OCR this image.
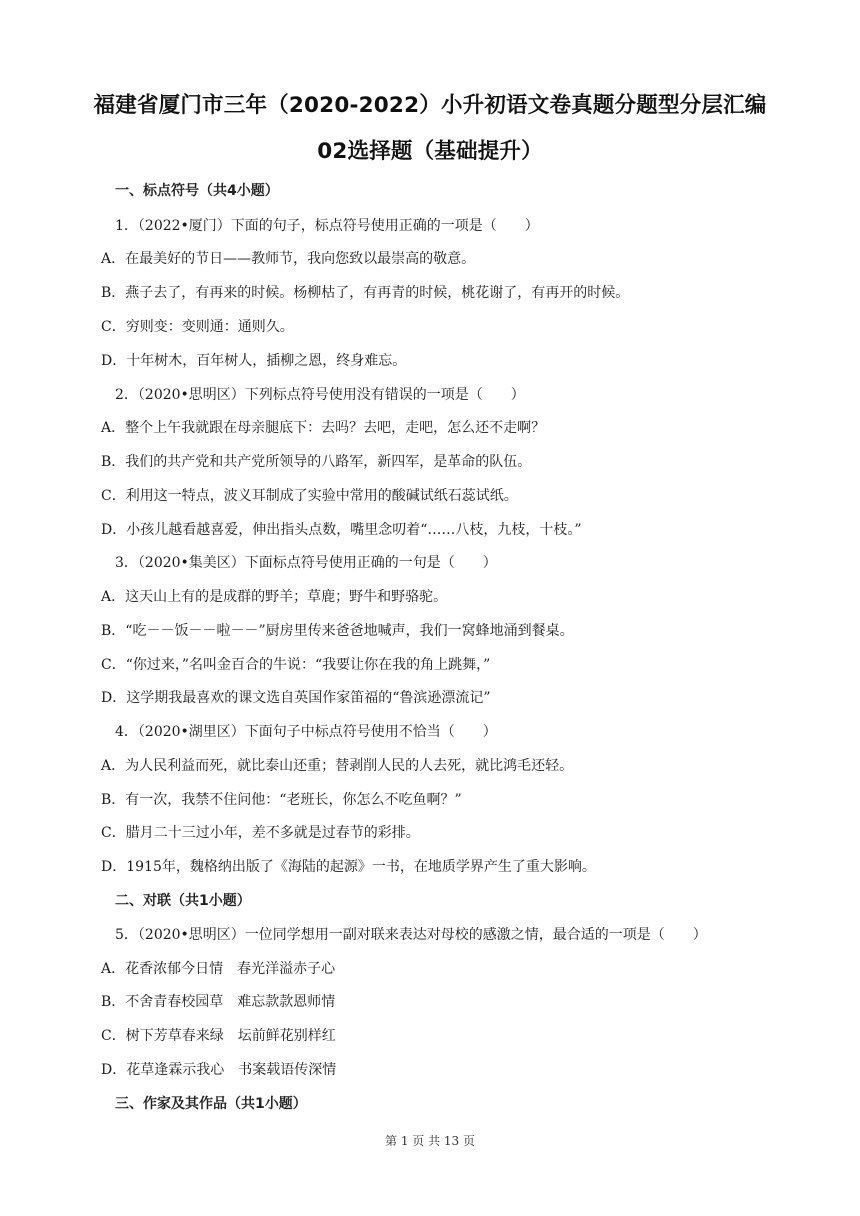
福建省厦门市三年（2020-2022）小升初语文卷真题分题型分层汇编
02选择题（基础提升）
一、标点符号（共4小题）
1．（2022•厦门）下面的句子，标点符号使用正确的一项是（　　）
A．在最美好的节日——教师节，我向您致以最崇高的敬意。
B．燕子去了，有再来的时候。杨柳枯了，有再青的时候，桃花谢了，有再开的时候。
C．穷则变：变则通：通则久。
D．十年树木，百年树人，插柳之恩，终身难忘。
2．（2020•思明区）下列标点符号使用没有错误的一项是（　　）
A．整个上午我就跟在母亲腿底下：去吗？去吧，走吧，怎么还不走啊？
B．我们的共产党和共产党所领导的八路军，新四军，是革命的队伍。
C．利用这一特点，波义耳制成了实验中常用的酸碱试纸石蕊试纸。
D．小孩儿越看越喜爱，伸出指头点数，嘴里念叨着“……八枝，九枝，十枝。”
3．（2020•集美区）下面标点符号使用正确的一句是（　　）
A．这天山上有的是成群的野羊；草鹿；野牛和野骆驼。
B．“吃－－饭－－啦－－”厨房里传来爸爸地喊声，我们一窝蜂地涌到餐桌。
C．“你过来，”名叫金百合的牛说：“我要让你在我的角上跳舞，”
D．这学期我最喜欢的课文选自英国作家笛福的“鲁滨逊漂流记”
4．（2020•湖里区）下面句子中标点符号使用不恰当（　　）
A．为人民利益而死，就比泰山还重；替剥削人民的人去死，就比鸿毛还轻。
B．有一次，我禁不住问他：“老班长，你怎么不吃鱼啊？”
C．腊月二十三过小年，差不多就是过春节的彩排。
D．1915年，魏格纳出版了《海陆的起源》一书，在地质学界产生了重大影响。
二、对联（共1小题）
5．（2020•思明区）一位同学想用一副对联来表达对母校的感激之情，最合适的一项是（　　）
A．花香浓郁今日情　春光洋溢赤子心
B．不舍青春校园草　难忘款款恩师情
C．树下芳草春来绿　坛前鲜花别样红
D．花草逢霖示我心　书案载语传深情
三、作家及其作品（共1小题）
第 1 页 共 13 页
